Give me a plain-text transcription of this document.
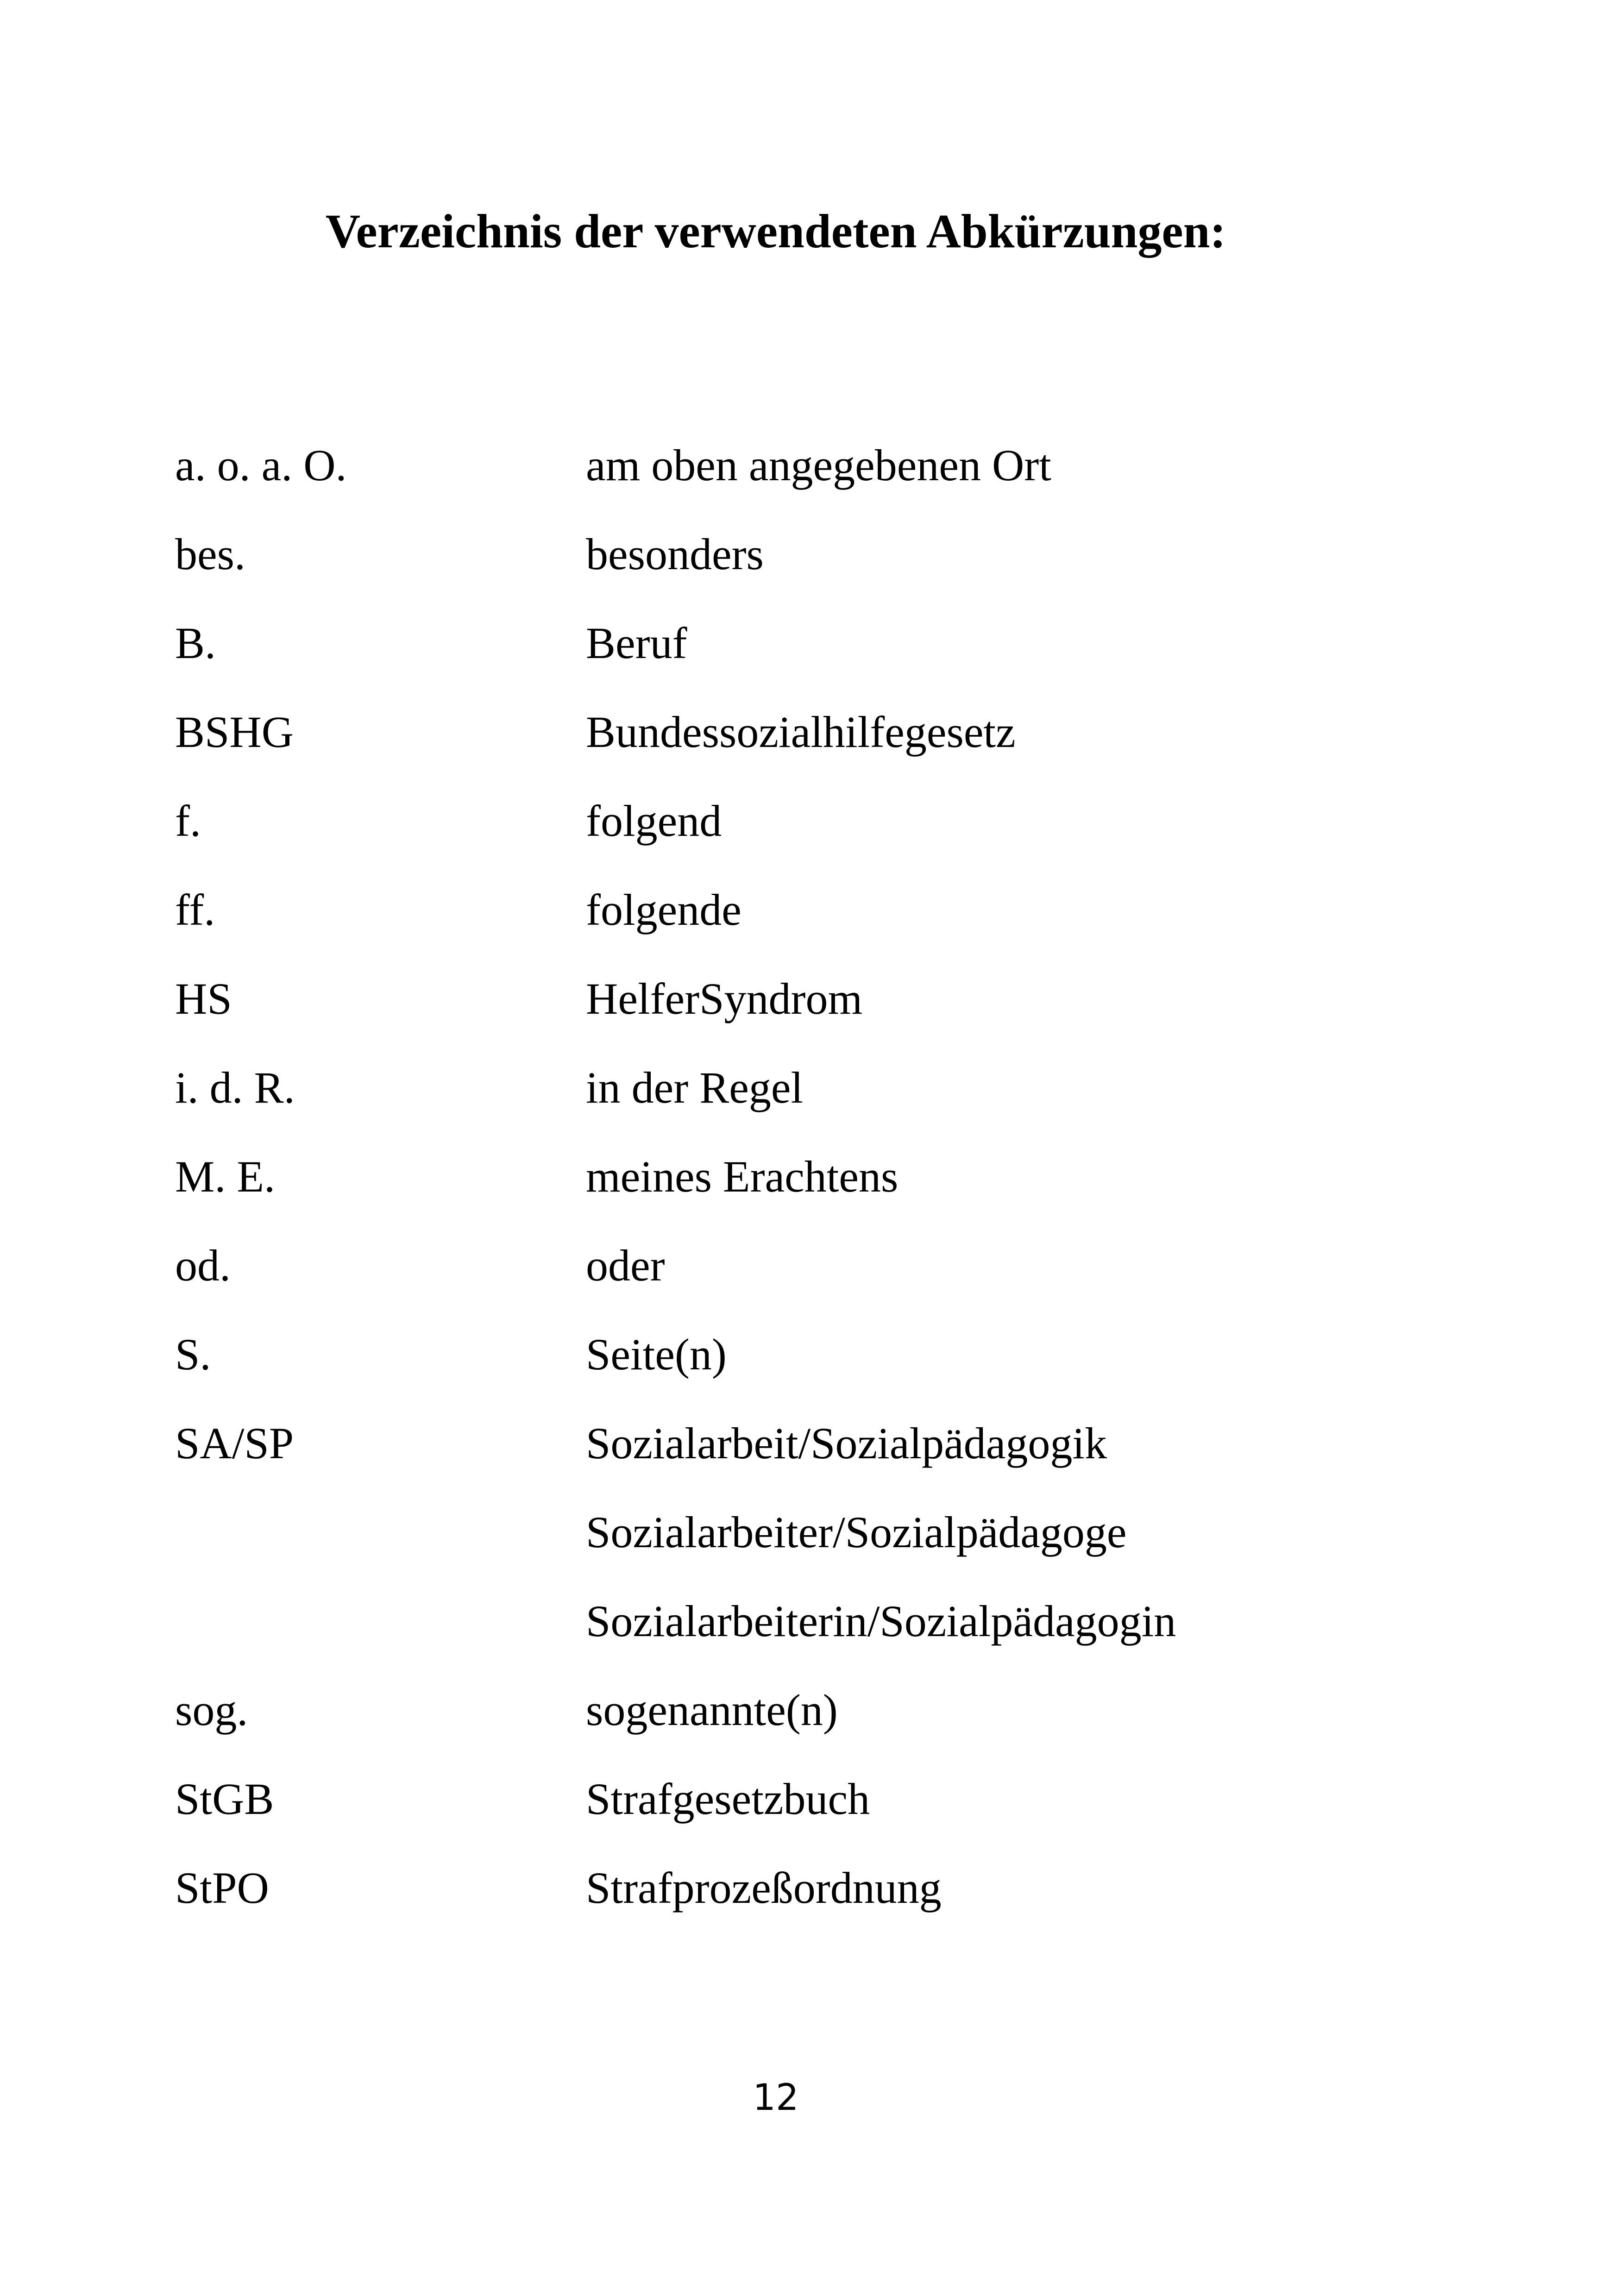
Verzeichnis der verwendeten Abkürzungen:
a. o. a. O.	am oben angegebenen Ort
bes.	besonders
B.	Beruf
BSHG	Bundessozialhilfegesetz
f.	folgend
ff.	folgende
HS	HelferSyndrom
i. d. R.	in der Regel
M. E.	meines Erachtens
od.	oder
S.	Seite(n)
SA/SP	Sozialarbeit/Sozialpädagogik
Sozialarbeiter/Sozialpädagoge
Sozialarbeiterin/Sozialpädagogin
sog.	sogenannte(n)
StGB	Strafgesetzbuch
StPO	Strafprozeßordnung
12
